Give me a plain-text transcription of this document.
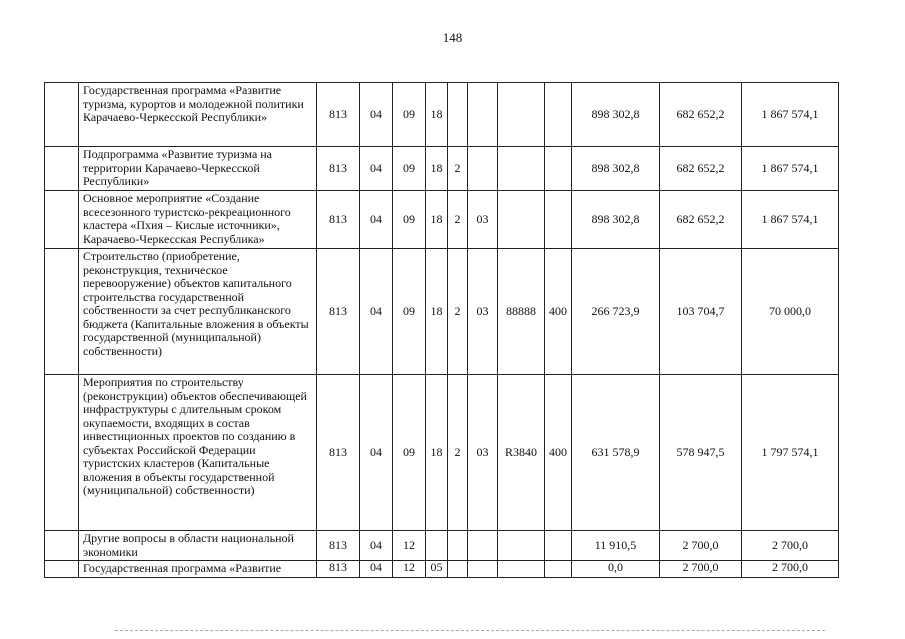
148
	Государственная программа «Развитие туризма, курортов и молодежной политики Карачаево-Черкесской Республики»	813	04	09	18					898 302,8	682 652,2	1 867 574,1
	Подпрограмма «Развитие туризма на территории Карачаево-Черкесской Республики»	813	04	09	18	2				898 302,8	682 652,2	1 867 574,1
	Основное мероприятие «Создание всесезонного туристско-рекреационного кластера «Пхия – Кислые источники», Карачаево-Черкесская Республика»	813	04	09	18	2	03			898 302,8	682 652,2	1 867 574,1
	Строительство (приобретение, реконструкция, техническое перевооружение) объектов капитального строительства государственной собственности за счет республиканского бюджета (Капитальные вложения в объекты государственной (муниципальной) собственности)	813	04	09	18	2	03	88888	400	266 723,9	103 704,7	70 000,0
	Мероприятия по строительству (реконструкции) объектов обеспечивающей инфраструктуры с длительным сроком окупаемости, входящих в состав инвестиционных проектов по созданию в субъектах Российской Федерации туристских кластеров (Капитальные вложения в объекты государственной (муниципальной) собственности)	813	04	09	18	2	03	R3840	400	631 578,9	578 947,5	1 797 574,1
	Другие вопросы в области национальной экономики	813	04	12						11 910,5	2 700,0	2 700,0
	Государственная программа «Развитие	813	04	12	05					0,0	2 700,0	2 700,0
